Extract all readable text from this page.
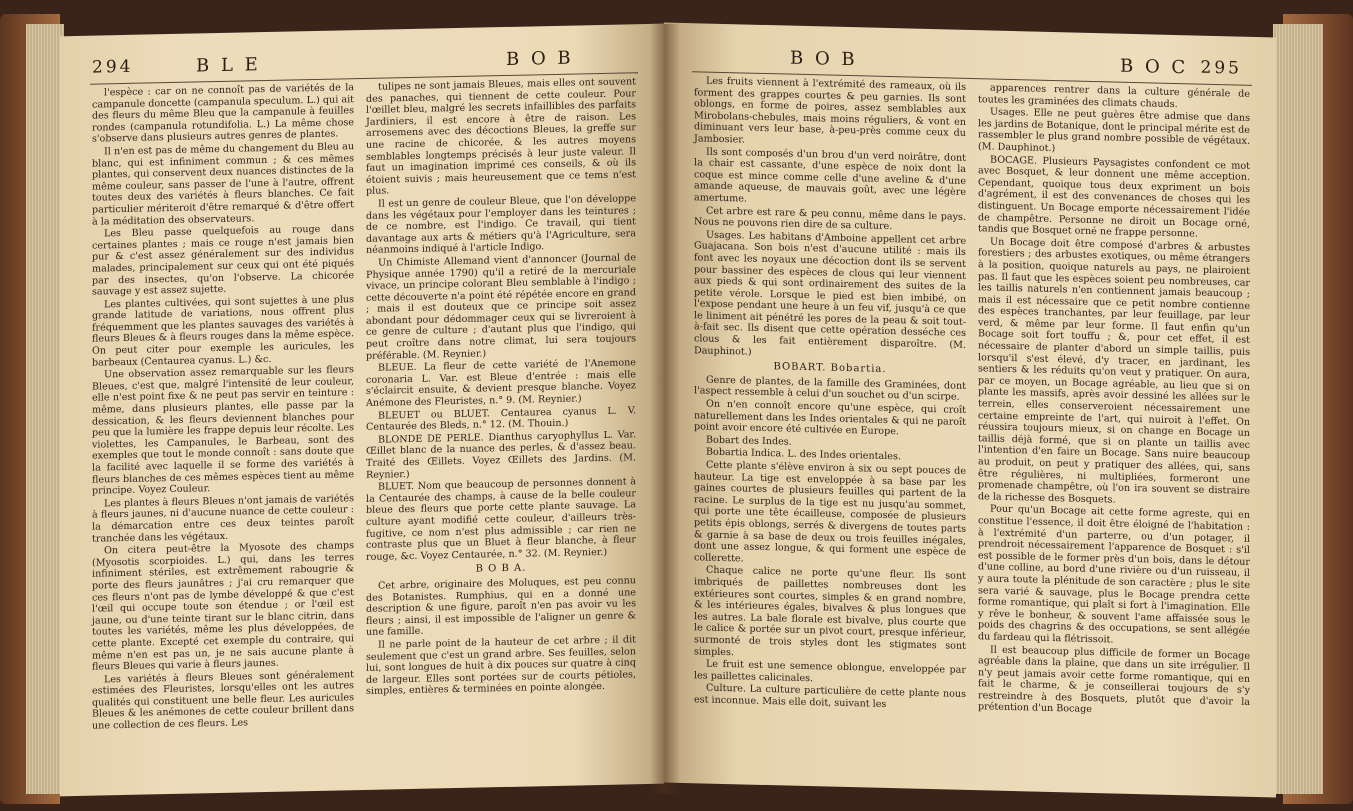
294	B L E	B O B

l'espèce : car on ne connoît pas de variétés de la campanule doncette (campanula speculum. L.) qui ait des fleurs du même Bleu que la campanule à feuilles rondes (campanula rotundifolia. L.) La même chose s'observe dans plusieurs autres genres de plantes.

Il n'en est pas de même du changement du Bleu au blanc, qui est infiniment commun ; & ces mêmes plantes, qui conservent deux nuances distinctes de la même couleur, sans passer de l'une à l'autre, offrent toutes deux des variétés à fleurs blanches. Ce fait particulier mériteroit d'être remarqué & d'être offert à la méditation des observateurs.

Les Bleu passe quelquefois au rouge dans certaines plantes ; mais ce rouge n'est jamais bien pur & c'est assez généralement sur des individus malades, principalement sur ceux qui ont été piqués par des insectes, qu'on l'observe. La chicorée sauvage y est assez sujette.

Les plantes cultivées, qui sont sujettes à une plus grande latitude de variations, nous offrent plus fréquemment que les plantes sauvages des variétés à fleurs Bleues & à fleurs rouges dans la même espèce. On peut citer pour exemple les auricules, les barbeaux (Centaurea cyanus. L.) &c.

Une observation assez remarquable sur les fleurs Bleues, c'est que, malgré l'intensité de leur couleur, elle n'est point fixe & ne peut pas servir en teinture : même, dans plusieurs plantes, elle passe par la dessication, & les fleurs deviennent blanches pour peu que la lumière les frappe depuis leur récolte. Les violettes, les Campanules, le Barbeau, sont des exemples que tout le monde connoît : sans doute que la facilité avec laquelle il se forme des variétés à fleurs blanches de ces mêmes espèces tient au même principe. Voyez Couleur.

Les plantes à fleurs Bleues n'ont jamais de variétés à fleurs jaunes, ni d'aucune nuance de cette couleur : la démarcation entre ces deux teintes paroît tranchée dans les végétaux.

On citera peut-être la Myosote des champs (Myosotis scorpioides. L.) qui, dans les terres infiniment stériles, est extrêmement rabougrie & porte des fleurs jaunâtres ; j'ai cru remarquer que ces fleurs n'ont pas de lymbe développé & que c'est l'œil qui occupe toute son étendue ; or l'œil est jaune, ou d'une teinte tirant sur le blanc citrin, dans toutes les variétés, même les plus développées, de cette plante. Excepté cet exemple du contraire, qui même n'en est pas un, je ne sais aucune plante à fleurs Bleues qui varie à fleurs jaunes.

Les variétés à fleurs Bleues sont généralement estimées des Fleuristes, lorsqu'elles ont les autres qualités qui constituent une belle fleur. Les auricules Bleues & les anémones de cette couleur brillent dans une collection de ces fleurs. Les

tulipes ne sont jamais Bleues, mais elles ont souvent des panaches, qui tiennent de cette couleur. Pour l'œillet bleu, malgré les secrets infaillibles des parfaits Jardiniers, il est encore à être de raison. Les arrosemens avec des décoctions Bleues, la greffe sur une racine de chicorée, & les autres moyens semblables longtemps précisés à leur juste valeur. Il faut un imagination imprimé ces conseils, & où ils étoient suivis ; mais heureusement que ce tems n'est plus.

Il est un genre de couleur Bleue, que l'on développe dans les végétaux pour l'employer dans les teintures ; de ce nombre, est l'indigo. Ce travail, qui tient davantage aux arts & métiers qu'à l'Agriculture, sera néanmoins indiqué à l'article Indigo.

Un Chimiste Allemand vient d'annoncer (Journal de Physique année 1790) qu'il a retiré de la mercuriale vivace, un principe colorant Bleu semblable à l'indigo ; cette découverte n'a point été répétée encore en grand ; mais il est douteux que ce principe soit assez abondant pour dédommager ceux qui se livreroient à ce genre de culture ; d'autant plus que l'indigo, qui peut croître dans notre climat, lui sera toujours préférable. (M. Reynier.)

BLEUE. La fleur de cette variété de l'Anemone coronaria L. Var. est Bleue d'entrée : mais elle s'éclaircit ensuite, & devient presque blanche. Voyez Anémone des Fleuristes, n.° 9. (M. Reynier.)

BLEUET ou BLUET. Centaurea cyanus L. V. Centaurée des Bleds, n.° 12. (M. Thouin.)

BLONDE DE PERLE. Dianthus caryophyllus L. Var. Œillet blanc de la nuance des perles, & d'assez beau. Traité des Œillets. Voyez Œillets des Jardins. (M. Reynier.)

BLUET. Nom que beaucoup de personnes donnent à la Centaurée des champs, à cause de la belle couleur bleue des fleurs que porte cette plante sauvage. La culture ayant modifié cette couleur, d'ailleurs très-fugitive, ce nom n'est plus admissible ; car rien ne contraste plus que un Bluet à fleur blanche, à fleur rouge, &c. Voyez Centaurée, n.° 32. (M. Reynier.)

B O B A.

Cet arbre, originaire des Moluques, est peu connu des Botanistes. Rumphius, qui en a donné une description & une figure, paroît n'en pas avoir vu les fleurs ; ainsi, il est impossible de l'aligner un genre & une famille.

Il ne parle point de la hauteur de cet arbre ; il dit seulement que c'est un grand arbre. Ses feuilles, selon lui, sont longues de huit à dix pouces sur quatre à cinq de largeur. Elles sont portées sur de courts pétioles, simples, entières & terminées en pointe alongée.

B O B	B O C 295

Les fruits viennent à l'extrémité des rameaux, où ils forment des grappes courtes & peu garnies. Ils sont oblongs, en forme de poires, assez semblables aux Mirobolans-chebules, mais moins réguliers, & vont en diminuant vers leur base, à-peu-près comme ceux du Jambosier.

Ils sont composés d'un brou d'un verd noirâtre, dont la chair est cassante, d'une espèce de noix dont la coque est mince comme celle d'une aveline & d'une amande aqueuse, de mauvais goût, avec une légère amertume.

Cet arbre est rare & peu connu, même dans le pays. Nous ne pouvons rien dire de sa culture.

Usages. Les habitans d'Amboine appellent cet arbre Guajacana. Son bois n'est d'aucune utilité : mais ils font avec les noyaux une décoction dont ils se servent pour bassiner des espèces de clous qui leur viennent aux pieds & qui sont ordinairement des suites de la petite vérole. Lorsque le pied est bien imbibé, on l'expose pendant une heure à un feu vif, jusqu'à ce que le liniment ait pénétré les pores de la peau & soit tout-à-fait sec. Ils disent que cette opération desséche ces clous & les fait entièrement disparoître. (M. Dauphinot.)

BOBART. Bobartia.

Genre de plantes, de la famille des Graminées, dont l'aspect ressemble à celui d'un souchet ou d'un scirpe.

On n'en connoît encore qu'une espèce, qui croît naturellement dans les Indes orientales & qui ne paroît point avoir encore été cultivée en Europe.

Bobart des Indes.

Bobartia Indica. L. des Indes orientales.

Cette plante s'élève environ à six ou sept pouces de hauteur. La tige est enveloppée à sa base par les gaines courtes de plusieurs feuilles qui partent de la racine. Le surplus de la tige est nu jusqu'au sommet, qui porte une tête écailleuse, composée de plusieurs petits épis oblongs, serrés & divergens de toutes parts & garnie à sa base de deux ou trois feuilles inégales, dont une assez longue, & qui forment une espèce de collerette.

Chaque calice ne porte qu'une fleur. Ils sont imbriqués de paillettes nombreuses dont les extérieures sont courtes, simples & en grand nombre, & les intérieures égales, bivalves & plus longues que les autres. La bale florale est bivalve, plus courte que le calice & portée sur un pivot court, presque inférieur, surmonté de trois styles dont les stigmates sont simples.

Le fruit est une semence oblongue, enveloppée par les paillettes calicinales.

Culture. La culture particulière de cette plante nous est inconnue. Mais elle doit, suivant les

apparences rentrer dans la culture générale de toutes les graminées des climats chauds.

Usages. Elle ne peut guères être admise que dans les jardins de Botanique, dont le principal mérite est de rassembler le plus grand nombre possible de végétaux. (M. Dauphinot.)

BOCAGE. Plusieurs Paysagistes confondent ce mot avec Bosquet, & leur donnent une même acception. Cependant, quoique tous deux expriment un bois d'agrément, il est des convenances de choses qui les distinguent. Un Bocage emporte nécessairement l'idée de champêtre. Personne ne diroit un Bocage orné, tandis que Bosquet orné ne frappe personne.

Un Bocage doit être composé d'arbres & arbustes forestiers ; des arbustes exotiques, ou même étrangers à la position, quoique naturels au pays, ne plairoient pas. Il faut que les espèces soient peu nombreuses, car les taillis naturels n'en contiennent jamais beaucoup ; mais il est nécessaire que ce petit nombre contienne des espèces tranchantes, par leur feuillage, par leur verd, & même par leur forme. Il faut enfin qu'un Bocage soit fort touffu ; &, pour cet effet, il est nécessaire de planter d'abord un simple taillis, puis lorsqu'il s'est élevé, d'y tracer, en jardinant, les sentiers & les réduits qu'on veut y pratiquer. On aura, par ce moyen, un Bocage agréable, au lieu que si on plante les massifs, après avoir dessiné les allées sur le terrein, elles conserveroient nécessairement une certaine empreinte de l'art, qui nuiroit à l'effet. On réussira toujours mieux, si on change en Bocage un taillis déjà formé, que si on plante un taillis avec l'intention d'en faire un Bocage. Sans nuire beaucoup au produit, on peut y pratiquer des allées, qui, sans être régulières, ni multipliées, formeront une promenade champêtre, où l'on ira souvent se distraire de la richesse des Bosquets.

Pour qu'un Bocage ait cette forme agreste, qui en constitue l'essence, il doit être éloigné de l'habitation : à l'extrémité d'un parterre, ou d'un potager, il prendroit nécessairement l'apparence de Bosquet : s'il est possible de le former près d'un bois, dans le détour d'une colline, au bord d'une rivière ou d'un ruisseau, il y aura toute la plénitude de son caractère ; plus le site sera varié & sauvage, plus le Bocage prendra cette forme romantique, qui plaît si fort à l'imagination. Elle y rêve le bonheur, & souvent l'ame affaissée sous le poids des chagrins & des occupations, se sent allégée du fardeau qui la flétrissoit.

Il est beaucoup plus difficile de former un Bocage agréable dans la plaine, que dans un site irrégulier. Il n'y peut jamais avoir cette forme romantique, qui en fait le charme, & je conseillerai toujours de s'y restreindre à des Bosquets, plutôt que d'avoir la prétention d'un Bocage
